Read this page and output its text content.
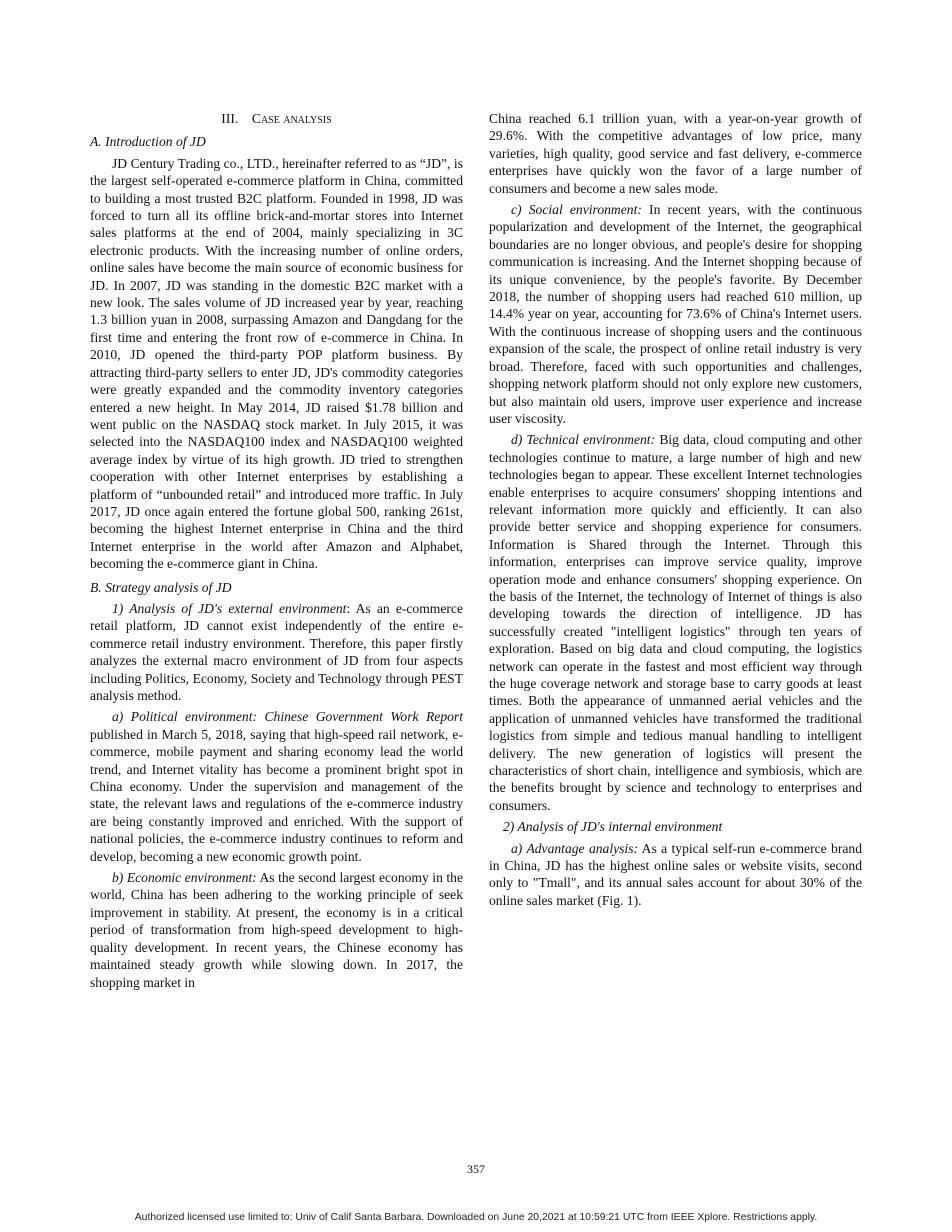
III. Case analysis
A. Introduction of JD

JD Century Trading co., LTD., hereinafter referred to as “JD”, is the largest self-operated e-commerce platform in China, committed to building a most trusted B2C platform. Founded in 1998, JD was forced to turn all its offline brick-and-mortar stores into Internet sales platforms at the end of 2004, mainly specializing in 3C electronic products. With the increasing number of online orders, online sales have become the main source of economic business for JD. In 2007, JD was standing in the domestic B2C market with a new look. The sales volume of JD increased year by year, reaching 1.3 billion yuan in 2008, surpassing Amazon and Dangdang for the first time and entering the front row of e-commerce in China. In 2010, JD opened the third-party POP platform business. By attracting third-party sellers to enter JD, JD's commodity categories were greatly expanded and the commodity inventory categories entered a new height. In May 2014, JD raised $1.78 billion and went public on the NASDAQ stock market. In July 2015, it was selected into the NASDAQ100 index and NASDAQ100 weighted average index by virtue of its high growth. JD tried to strengthen cooperation with other Internet enterprises by establishing a platform of “unbounded retail” and introduced more traffic. In July 2017, JD once again entered the fortune global 500, ranking 261st, becoming the highest Internet enterprise in China and the third Internet enterprise in the world after Amazon and Alphabet, becoming the e-commerce giant in China.

B. Strategy analysis of JD

1) Analysis of JD's external environment: As an e-commerce retail platform, JD cannot exist independently of the entire e-commerce retail industry environment. Therefore, this paper firstly analyzes the external macro environment of JD from four aspects including Politics, Economy, Society and Technology through PEST analysis method.

a) Political environment: Chinese Government Work Report published in March 5, 2018, saying that high-speed rail network, e-commerce, mobile payment and sharing economy lead the world trend, and Internet vitality has become a prominent bright spot in China economy. Under the supervision and management of the state, the relevant laws and regulations of the e-commerce industry are being constantly improved and enriched. With the support of national policies, the e-commerce industry continues to reform and develop, becoming a new economic growth point.

b) Economic environment: As the second largest economy in the world, China has been adhering to the working principle of seek improvement in stability. At present, the economy is in a critical period of transformation from high-speed development to high-quality development. In recent years, the Chinese economy has maintained steady growth while slowing down. In 2017, the shopping market in

China reached 6.1 trillion yuan, with a year-on-year growth of 29.6%. With the competitive advantages of low price, many varieties, high quality, good service and fast delivery, e-commerce enterprises have quickly won the favor of a large number of consumers and become a new sales mode.

c) Social environment: In recent years, with the continuous popularization and development of the Internet, the geographical boundaries are no longer obvious, and people's desire for shopping communication is increasing. And the Internet shopping because of its unique convenience, by the people's favorite. By December 2018, the number of shopping users had reached 610 million, up 14.4% year on year, accounting for 73.6% of China's Internet users. With the continuous increase of shopping users and the continuous expansion of the scale, the prospect of online retail industry is very broad. Therefore, faced with such opportunities and challenges, shopping network platform should not only explore new customers, but also maintain old users, improve user experience and increase user viscosity.

d) Technical environment: Big data, cloud computing and other technologies continue to mature, a large number of high and new technologies began to appear. These excellent Internet technologies enable enterprises to acquire consumers' shopping intentions and relevant information more quickly and efficiently. It can also provide better service and shopping experience for consumers. Information is Shared through the Internet. Through this information, enterprises can improve service quality, improve operation mode and enhance consumers' shopping experience. On the basis of the Internet, the technology of Internet of things is also developing towards the direction of intelligence. JD has successfully created "intelligent logistics" through ten years of exploration. Based on big data and cloud computing, the logistics network can operate in the fastest and most efficient way through the huge coverage network and storage base to carry goods at least times. Both the appearance of unmanned aerial vehicles and the application of unmanned vehicles have transformed the traditional logistics from simple and tedious manual handling to intelligent delivery. The new generation of logistics will present the characteristics of short chain, intelligence and symbiosis, which are the benefits brought by science and technology to enterprises and consumers.

2) Analysis of JD's internal environment

a) Advantage analysis: As a typical self-run e-commerce brand in China, JD has the highest online sales or website visits, second only to "Tmall", and its annual sales account for about 30% of the online sales market (Fig. 1).

357
Authorized licensed use limited to: Univ of Calif Santa Barbara. Downloaded on June 20,2021 at 10:59:21 UTC from IEEE Xplore. Restrictions apply.
